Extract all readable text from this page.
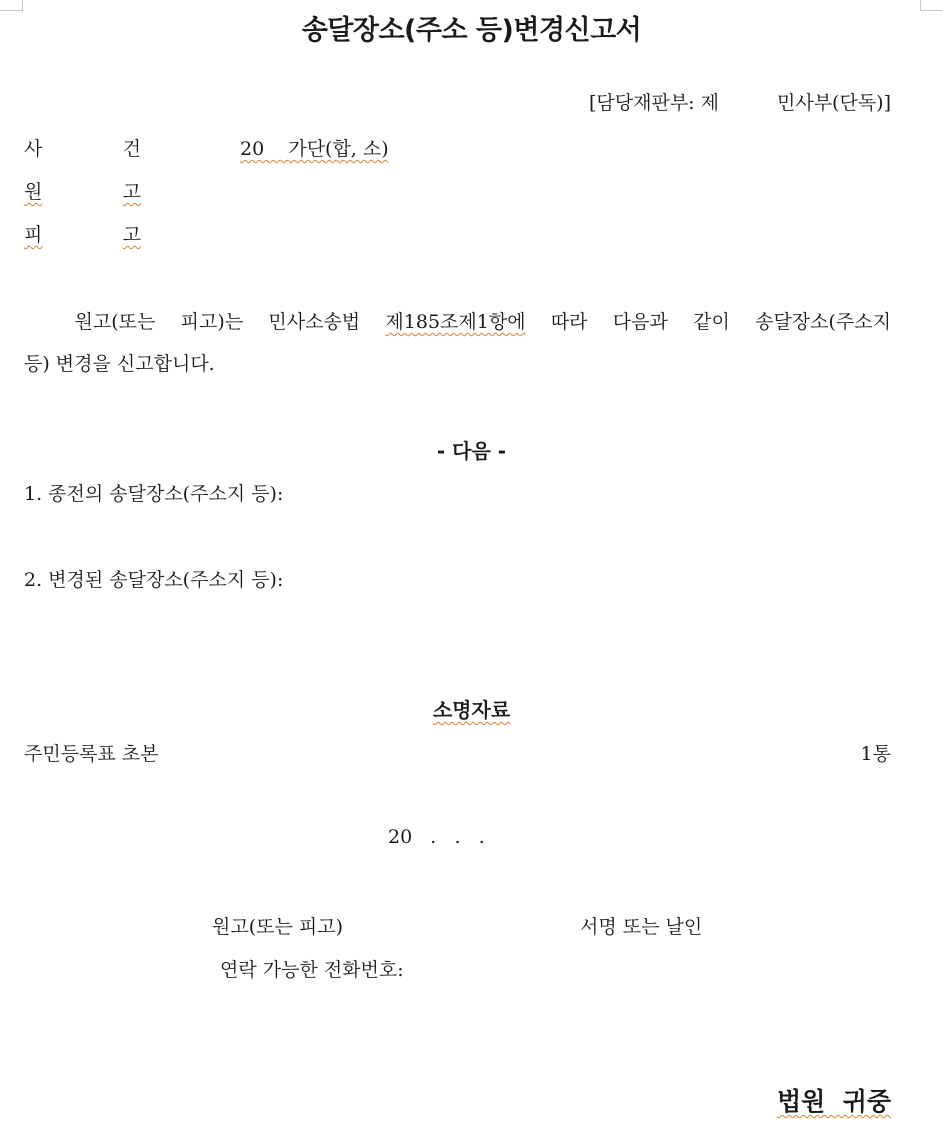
송달장소(주소 등)변경신고서
[담당재판부: 제	민사부(단독)]
사	건	20    가단(합, 소)
원	고
피	고
원고(또는 피고)는 민사소송법 제185조제1항에 따라 다음과 같이 송달장소(주소지
등) 변경을 신고합니다.
- 다음 -
1. 종전의 송달장소(주소지 등):
2. 변경된 송달장소(주소지 등):
소명자료
주민등록표 초본	1통
20   .   .   .
원고(또는 피고)	서명 또는 날인
연락 가능한 전화번호:
법원  귀중
